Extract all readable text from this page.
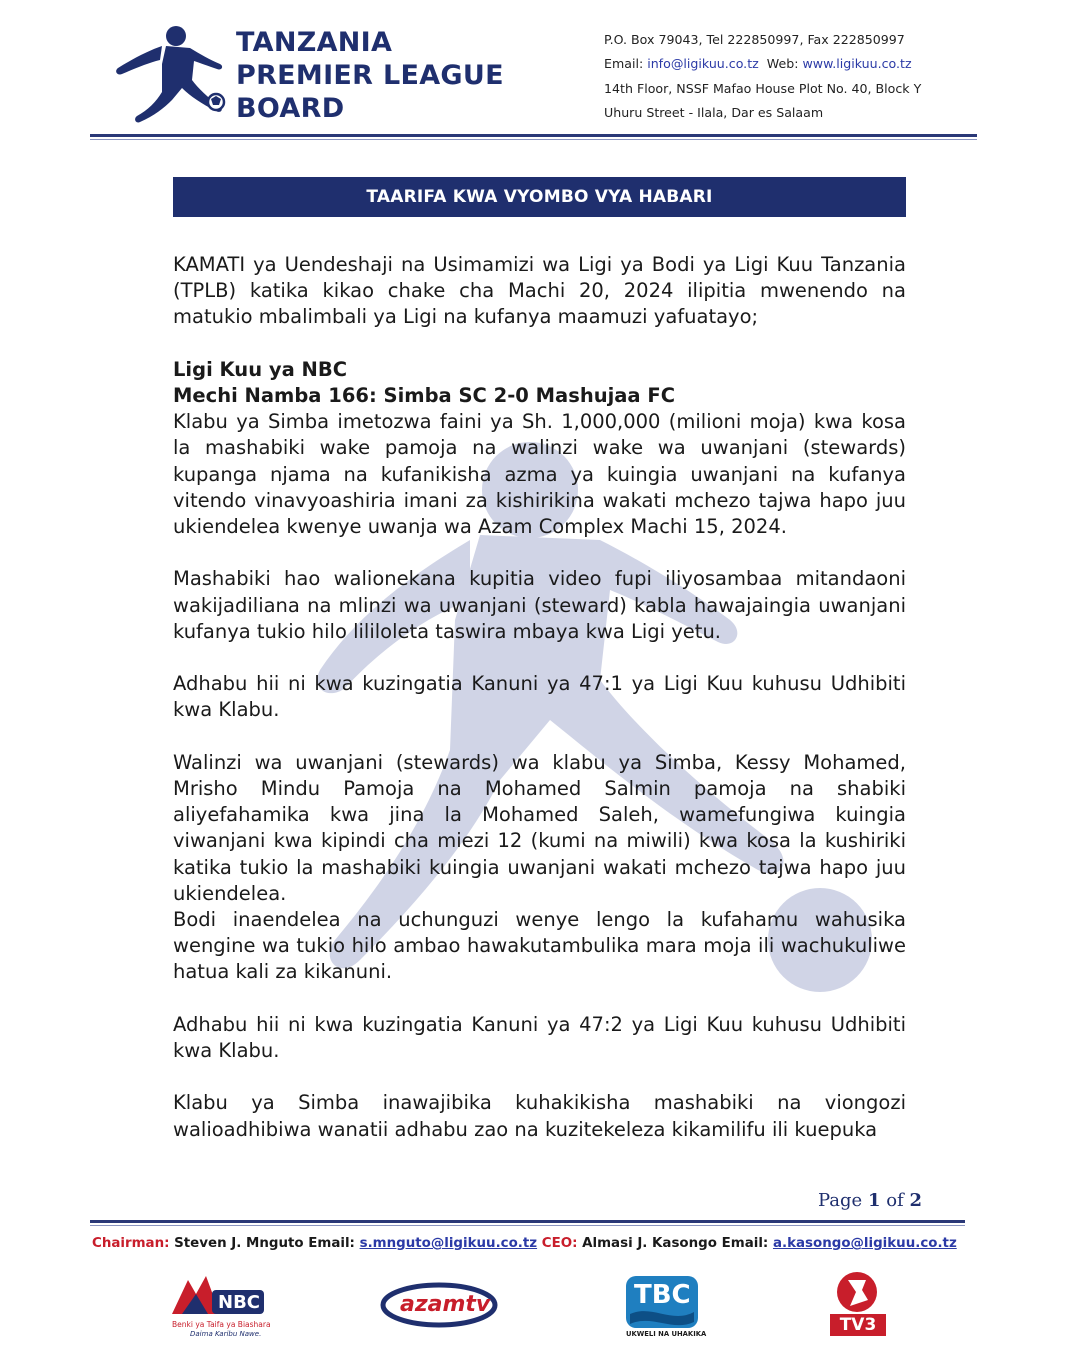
TANZANIA
PREMIER LEAGUE
BOARD
P.O. Box 79043, Tel 222850997, Fax 222850997
Email: info@ligikuu.co.tz Web: www.ligikuu.co.tz
14th Floor, NSSF Mafao House Plot No. 40, Block Y
Uhuru Street - Ilala, Dar es Salaam
TAARIFA KWA VYOMBO VYA HABARI

KAMATI ya Uendeshaji na Usimamizi wa Ligi ya Bodi ya Ligi Kuu Tanzania (TPLB) katika kikao chake cha Machi 20, 2024 ilipitia mwenendo na matukio mbalimbali ya Ligi na kufanya maamuzi yafuatayo;

Ligi Kuu ya NBC
Mechi Namba 166: Simba SC 2-0 Mashujaa FC

Klabu ya Simba imetozwa faini ya Sh. 1,000,000 (milioni moja) kwa kosa la mashabiki wake pamoja na walinzi wake wa uwanjani (stewards) kupanga njama na kufanikisha azma ya kuingia uwanjani na kufanya vitendo vinavyoashiria imani za kishirikina wakati mchezo tajwa hapo juu ukiendelea kwenye uwanja wa Azam Complex Machi 15, 2024.

Mashabiki hao walionekana kupitia video fupi iliyosambaa mitandaoni wakijadiliana na mlinzi wa uwanjani (steward) kabla hawajaingia uwanjani kufanya tukio hilo lililoleta taswira mbaya kwa Ligi yetu.

Adhabu hii ni kwa kuzingatia Kanuni ya 47:1 ya Ligi Kuu kuhusu Udhibiti kwa Klabu.

Walinzi wa uwanjani (stewards) wa klabu ya Simba, Kessy Mohamed, Mrisho Mindu Pamoja na Mohamed Salmin pamoja na shabiki aliyefahamika kwa jina la Mohamed Saleh, wamefungiwa kuingia viwanjani kwa kipindi cha miezi 12 (kumi na miwili) kwa kosa la kushiriki katika tukio la mashabiki kuingia uwanjani wakati mchezo tajwa hapo juu ukiendelea.

Bodi inaendelea na uchunguzi wenye lengo la kufahamu wahusika wengine wa tukio hilo ambao hawakutambulika mara moja ili wachukuliwe hatua kali za kikanuni.

Adhabu hii ni kwa kuzingatia Kanuni ya 47:2 ya Ligi Kuu kuhusu Udhibiti kwa Klabu.

Klabu ya Simba inawajibika kuhakikisha mashabiki na viongozi walioadhibiwa wanatii adhabu zao na kuzitekeleza kikamilifu ili kuepuka

Page 1 of 2
Chairman: Steven J. Mnguto Email: s.mnguto@ligikuu.co.tz CEO: Almasi J. Kasongo Email: a.kasongo@ligikuu.co.tz
NBC
Benki ya Taifa ya Biashara
Daima Karibu Nawe.
azamtv	TBC
UKWELI NA UHAKIKA	TV3
